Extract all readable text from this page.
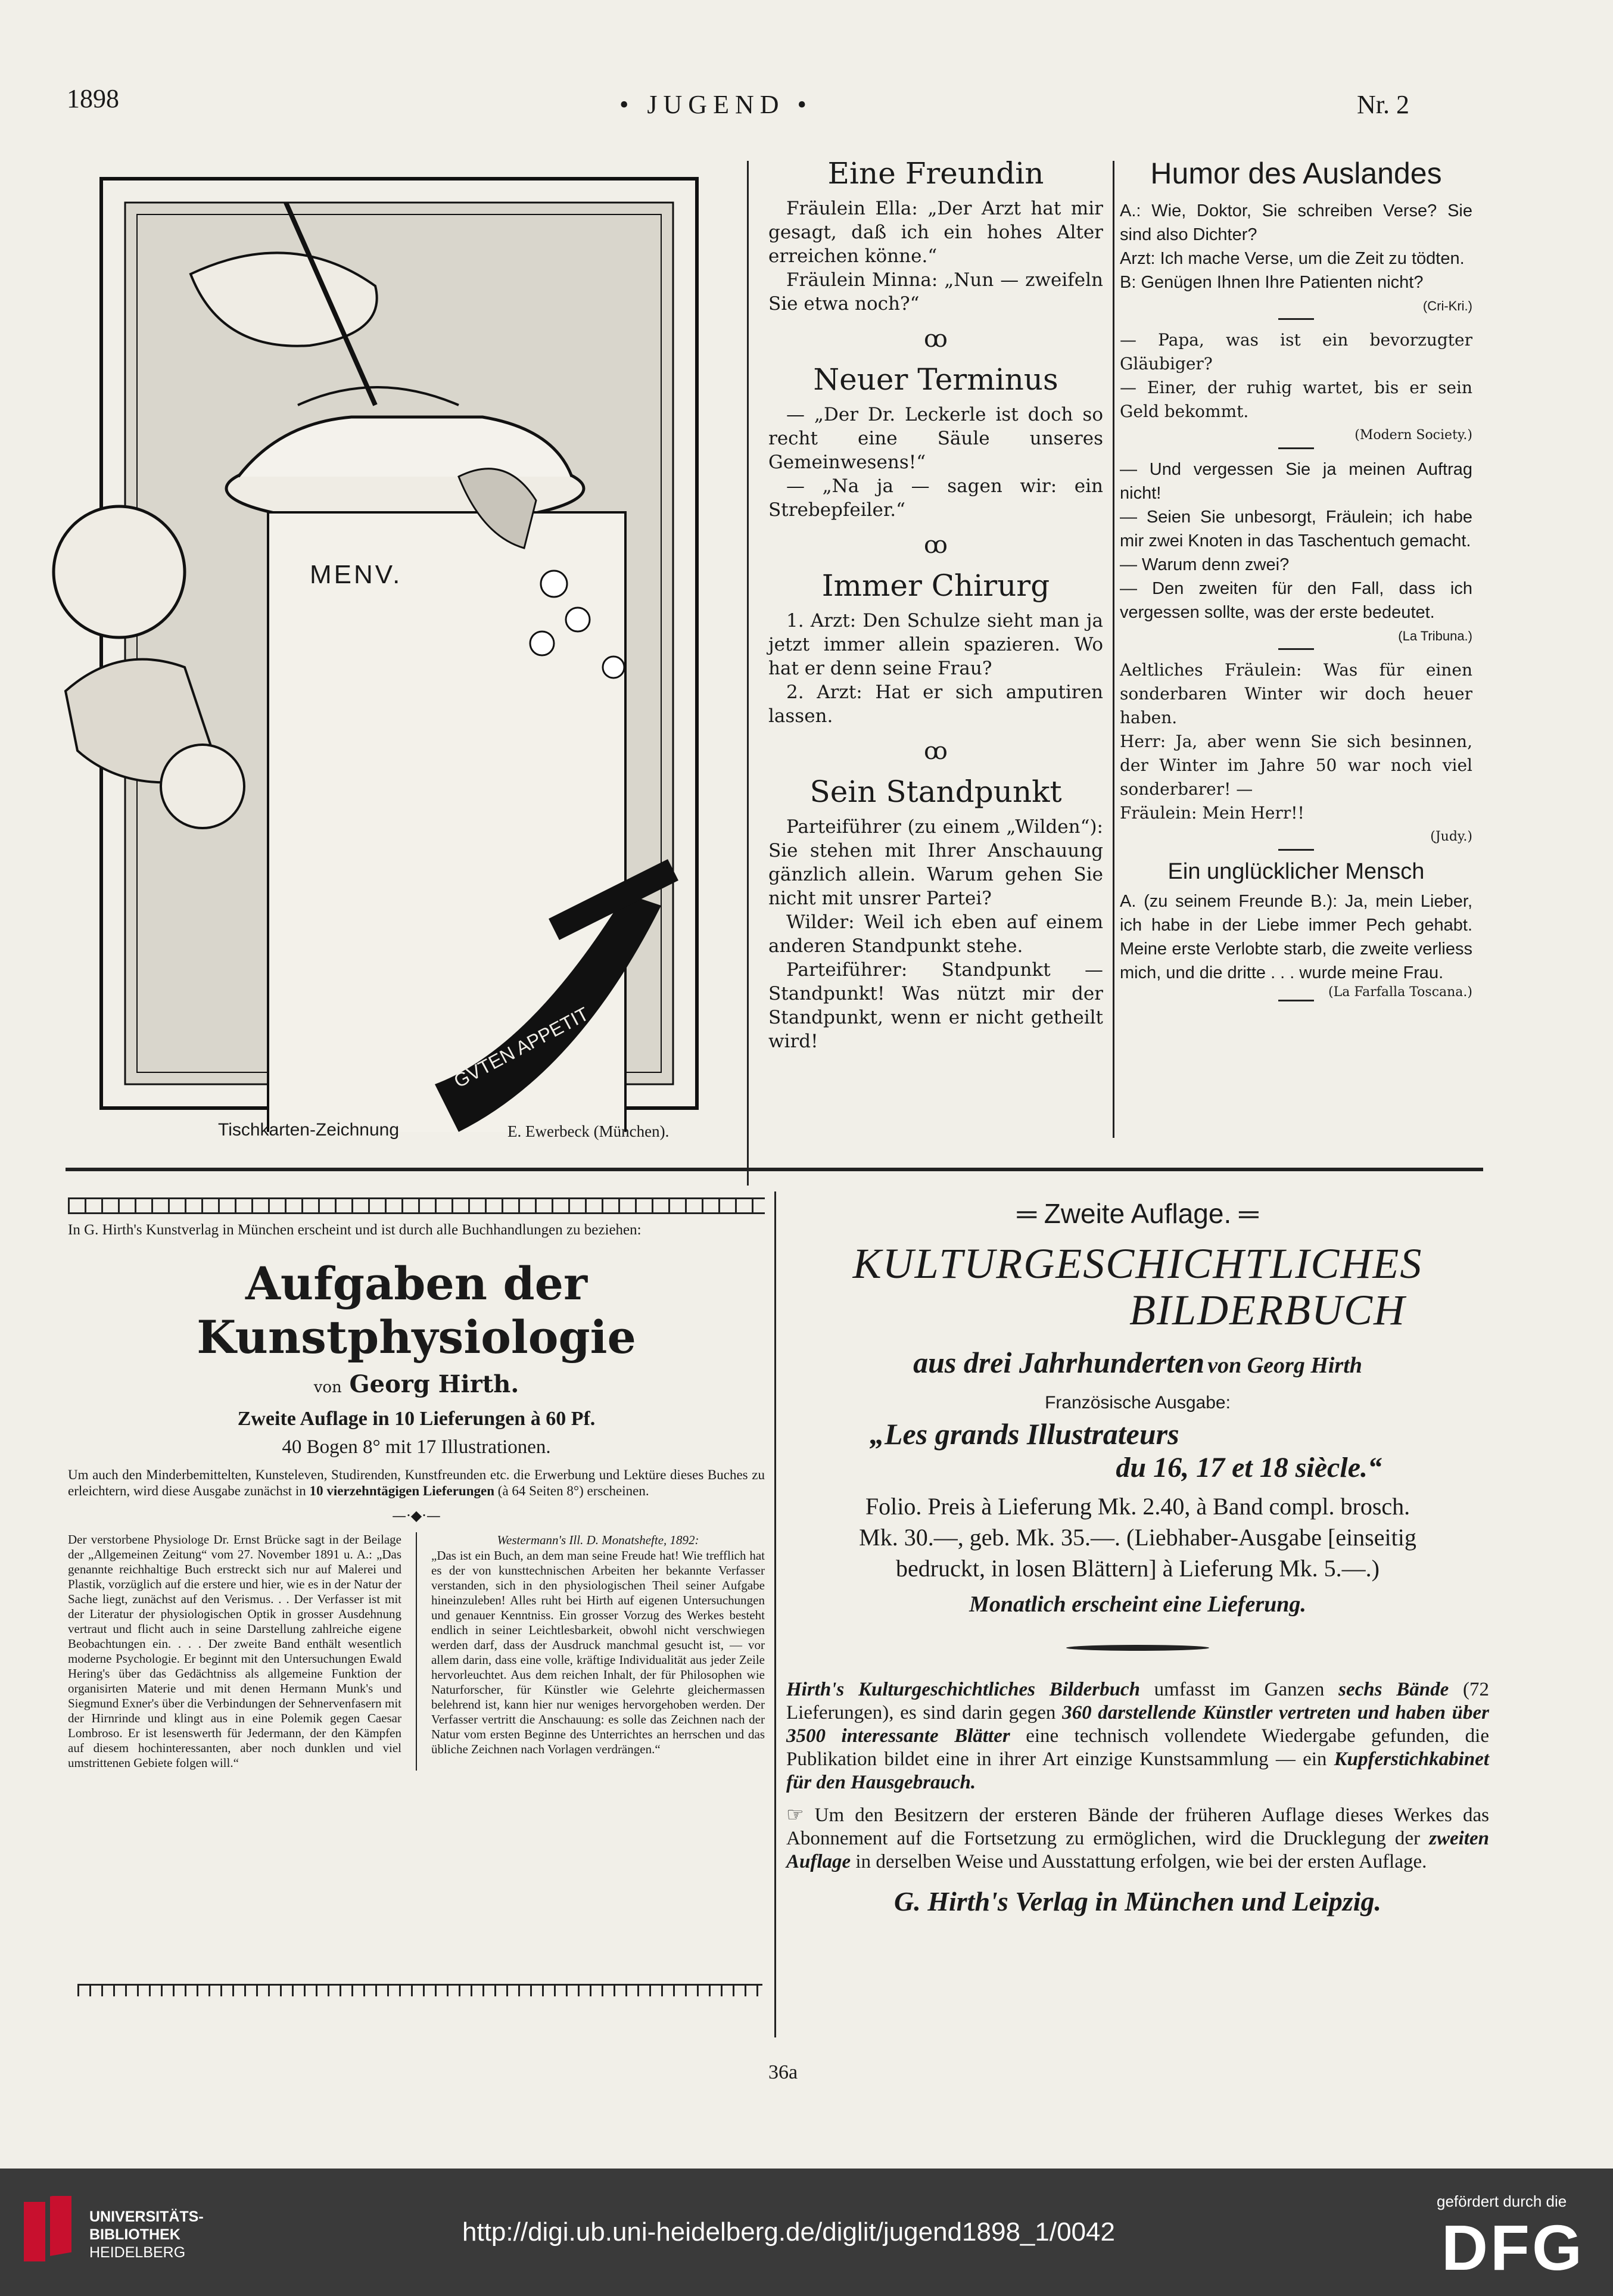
1898	• JUGEND •	Nr. 2
MENV.
GVTEN APPETIT
Tischkarten-Zeichnung	E. Ewerbeck (München).
Eine Freundin
Fräulein Ella: „Der Arzt hat mir gesagt, daß ich ein hohes Alter erreichen könne.“
Fräulein Minna: „Nun — zweifeln Sie etwa noch?“
ꝏ
Neuer Terminus
— „Der Dr. Leckerle ist doch so recht eine Säule unseres Gemeinwesens!“
— „Na ja — sagen wir: ein Strebepfeiler.“
ꝏ
Immer Chirurg
1. Arzt: Den Schulze sieht man ja jetzt immer allein spazieren. Wo hat er denn seine Frau?
2. Arzt: Hat er sich amputiren lassen.
ꝏ
Sein Standpunkt
Parteiführer (zu einem „Wilden“): Sie stehen mit Ihrer Anschauung gänzlich allein. Warum gehen Sie nicht mit unsrer Partei?
Wilder: Weil ich eben auf einem anderen Standpunkt stehe.
Parteiführer: Standpunkt — Standpunkt! Was nützt mir der Standpunkt, wenn er nicht getheilt wird!
Humor des Auslandes
A.: Wie, Doktor, Sie schreiben Verse? Sie sind also Dichter?
Arzt: Ich mache Verse, um die Zeit zu tödten.
B: Genügen Ihnen Ihre Patienten nicht?
(Cri-Kri.)
— Papa, was ist ein bevorzugter Gläubiger?
— Einer, der ruhig wartet, bis er sein Geld bekommt.
(Modern Society.)
— Und vergessen Sie ja meinen Auftrag nicht!
— Seien Sie unbesorgt, Fräulein; ich habe mir zwei Knoten in das Taschentuch gemacht.
— Warum denn zwei?
— Den zweiten für den Fall, dass ich vergessen sollte, was der erste bedeutet.
(La Tribuna.)
Aeltliches Fräulein: Was für einen sonderbaren Winter wir doch heuer haben.
Herr: Ja, aber wenn Sie sich besinnen, der Winter im Jahre 50 war noch viel sonderbarer! —
Fräulein: Mein Herr!!
(Judy.)
Ein unglücklicher Mensch
A. (zu seinem Freunde B.): Ja, mein Lieber, ich habe in der Liebe immer Pech gehabt. Meine erste Verlobte starb, die zweite verliess mich, und die dritte . . . wurde meine Frau.
(La Farfalla Toscana.)
In G. Hirth's Kunstverlag in München erscheint und ist durch alle Buchhandlungen zu beziehen:
Aufgaben der Kunstphysiologie
von Georg Hirth.
Zweite Auflage in 10 Lieferungen à 60 Pf.
40 Bogen 8° mit 17 Illustrationen.
Um auch den Minderbemittelten, Kunsteleven, Studirenden, Kunstfreunden etc. die Erwerbung und Lektüre dieses Buches zu erleichtern, wird diese Ausgabe zunächst in 10 vierzehntägigen Lieferungen (à 64 Seiten 8°) erscheinen.
—·◆·—
Der verstorbene Physiologe Dr. Ernst Brücke sagt in der Beilage der „Allgemeinen Zeitung“ vom 27. November 1891 u. A.: „Das genannte reichhaltige Buch erstreckt sich nur auf Malerei und Plastik, vorzüglich auf die erstere und hier, wie es in der Natur der Sache liegt, zunächst auf den Verismus. . . Der Verfasser ist mit der Literatur der physiologischen Optik in grosser Ausdehnung vertraut und flicht auch in seine Darstellung zahlreiche eigene Beobachtungen ein. . . . Der zweite Band enthält wesentlich moderne Psychologie. Er beginnt mit den Untersuchungen Ewald Hering's über das Gedächtniss als allgemeine Funktion der organisirten Materie und mit denen Hermann Munk's und Siegmund Exner's über die Verbindungen der Sehnervenfasern mit der Hirnrinde und klingt aus in eine Polemik gegen Caesar Lombroso. Er ist lesenswerth für Jedermann, der den Kämpfen auf diesem hochinteressanten, aber noch dunklen und viel umstrittenen Gebiete folgen will.“
Westermann's Ill. D. Monatshefte, 1892:
„Das ist ein Buch, an dem man seine Freude hat! Wie trefflich hat es der von kunsttechnischen Arbeiten her bekannte Verfasser verstanden, sich in den physiologischen Theil seiner Aufgabe hineinzuleben! Alles ruht bei Hirth auf eigenen Untersuchungen und genauer Kenntniss. Ein grosser Vorzug des Werkes besteht endlich in seiner Leichtlesbarkeit, obwohl nicht verschwiegen werden darf, dass der Ausdruck manchmal gesucht ist, — vor allem darin, dass eine volle, kräftige Individualität aus jeder Zeile hervorleuchtet. Aus dem reichen Inhalt, der für Philosophen wie Naturforscher, für Künstler wie Gelehrte gleichermassen belehrend ist, kann hier nur weniges hervorgehoben werden. Der Verfasser vertritt die Anschauung: es solle das Zeichnen nach der Natur vom ersten Beginne des Unterrichtes an herrschen und das übliche Zeichnen nach Vorlagen verdrängen.“
═ Zweite Auflage. ═
KULTURGESCHICHTLICHES
BILDERBUCH
aus drei Jahrhunderten von Georg Hirth
Französische Ausgabe:
„Les grands Illustrateurs
du 16, 17 et 18 siècle.“
Folio. Preis à Lieferung Mk. 2.40, à Band compl. brosch.
Mk. 30.—, geb. Mk. 35.—. (Liebhaber-Ausgabe [einseitig
bedruckt, in losen Blättern] à Lieferung Mk. 5.—.)
Monatlich erscheint eine Lieferung.
Hirth's Kulturgeschichtliches Bilderbuch umfasst im Ganzen sechs Bände (72 Lieferungen), es sind darin gegen 360 darstellende Künstler vertreten und haben über 3500 interessante Blätter eine technisch vollendete Wiedergabe gefunden, die Publikation bildet eine in ihrer Art einzige Kunstsammlung — ein Kupferstichkabinet für den Hausgebrauch.
☞ Um den Besitzern der ersteren Bände der früheren Auflage dieses Werkes das Abonnement auf die Fortsetzung zu ermöglichen, wird die Drucklegung der zweiten Auflage in derselben Weise und Ausstattung erfolgen, wie bei der ersten Auflage.
G. Hirth's Verlag in München und Leipzig.
36a
UNIVERSITÄTS-
BIBLIOTHEK
HEIDELBERG
http://digi.ub.uni-heidelberg.de/diglit/jugend1898_1/0042
gefördert durch die
DFG
